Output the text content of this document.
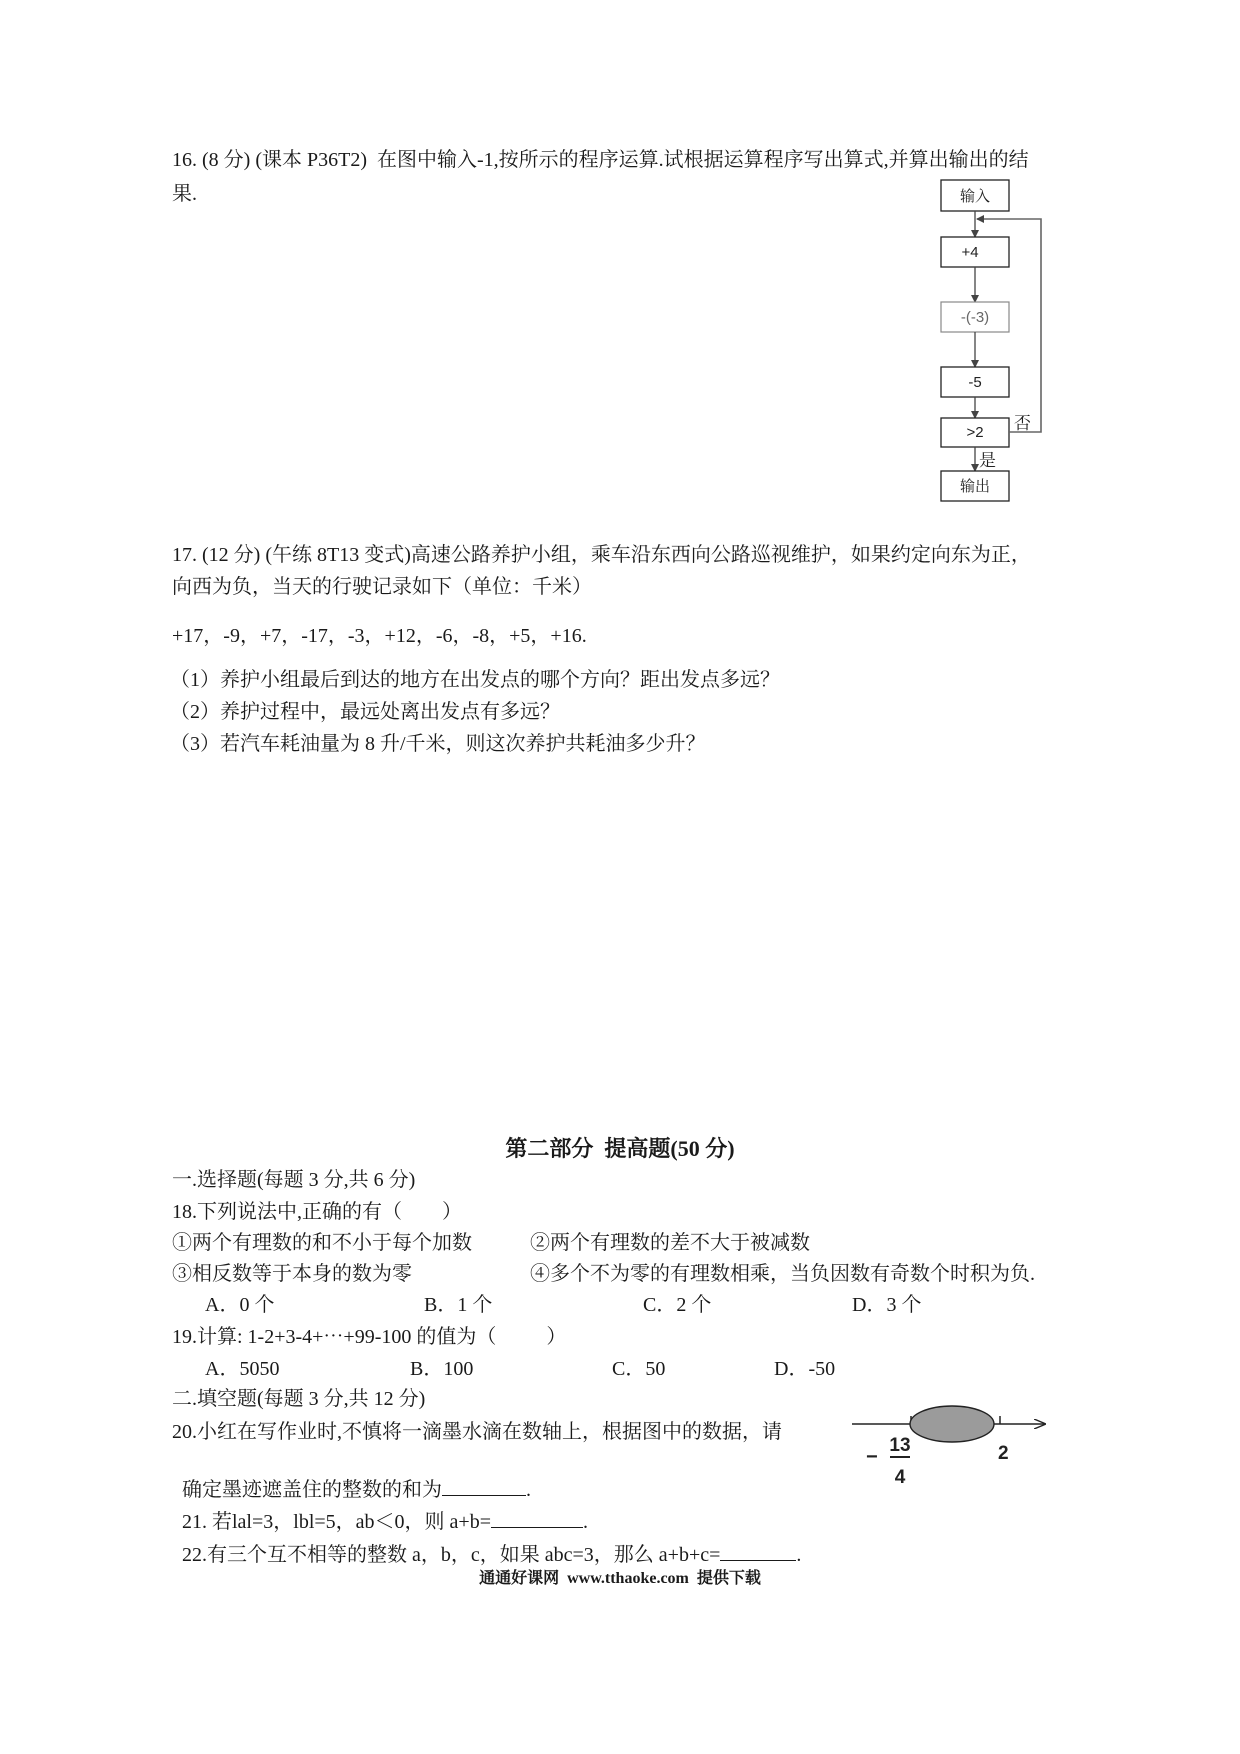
16. (8 分) (课本 P36T2)  在图中输入-1,按所示的程序运算.试根据运算程序写出算式,并算出输出的结
果.	输入
+4
-(-3)
-5
>2
输出
否
是
17. (12 分) (午练 8T13 变式)高速公路养护小组，乘车沿东西向公路巡视维护，如果约定向东为正，
向西为负，当天的行驶记录如下（单位：千米）
+17，-9，+7，-17，-3，+12，-6，-8，+5，+16.
（1）养护小组最后到达的地方在出发点的哪个方向？距出发点多远？
（2）养护过程中，最远处离出发点有多远？
（3）若汽车耗油量为 8 升/千米，则这次养护共耗油多少升？
第二部分  提高题(50 分)
一.选择题(每题 3 分,共 6 分)
18.下列说法中,正确的有（        ）
①两个有理数的和不小于每个加数	②两个有理数的差不大于被减数
③相反数等于本身的数为零	④多个不为零的有理数相乘，当负因数有奇数个时积为负.
A．0 个	B．1 个	C．2 个	D．3 个
19.计算: 1-2+3-4+⋯+99-100 的值为（          ）
A．5050	B．100	C．50	D．-50
二.填空题(每题 3 分,共 12 分)
20.小红在写作业时,不慎将一滴墨水滴在数轴上，根据图中的数据，请

确定墨迹遮盖住的整数的和为	.

−
13
4
2

21. 若lal=3，lbl=5，ab＜0，则 a+b=	.

22.有三个互不相等的整数 a，b，c，如果 abc=3，那么 a+b+c=	.

通通好课网  www.tthaoke.com  提供下载
